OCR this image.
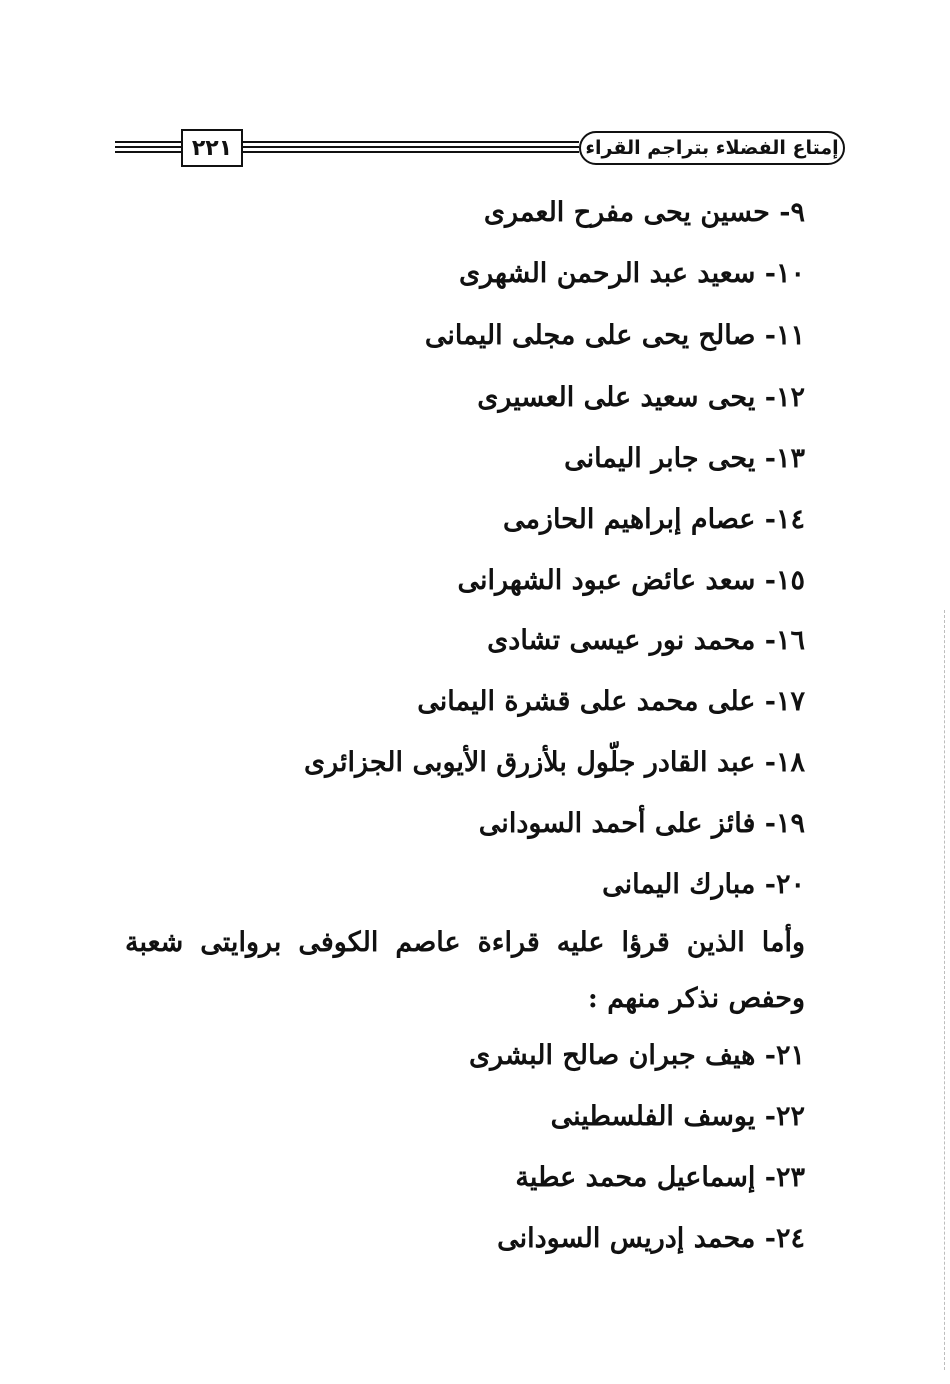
٢٢١	إمتاع الفضلاء بتراجم القراء
٩- حسين يحى مفرح العمرى
١٠- سعيد عبد الرحمن الشهرى
١١- صالح يحى على مجلى اليمانى
١٢- يحى سعيد على العسيرى
١٣- يحى جابر اليمانى
١٤- عصام إبراهيم الحازمى
١٥- سعد عائض عبود الشهرانى
١٦- محمد نور عيسى تشادى
١٧- على محمد على قشرة اليمانى
١٨- عبد القادر جلّول بلأزرق الأيوبى الجزائرى
١٩- فائز على أحمد السودانى
٢٠- مبارك اليمانى
وأما الذين قرؤا عليه قراءة عاصم الكوفى بروايتى شعبة وحفص نذكر منهم :
٢١- هيف جبران صالح البشرى
٢٢- يوسف الفلسطينى
٢٣- إسماعيل محمد عطية
٢٤- محمد إدريس السودانى
